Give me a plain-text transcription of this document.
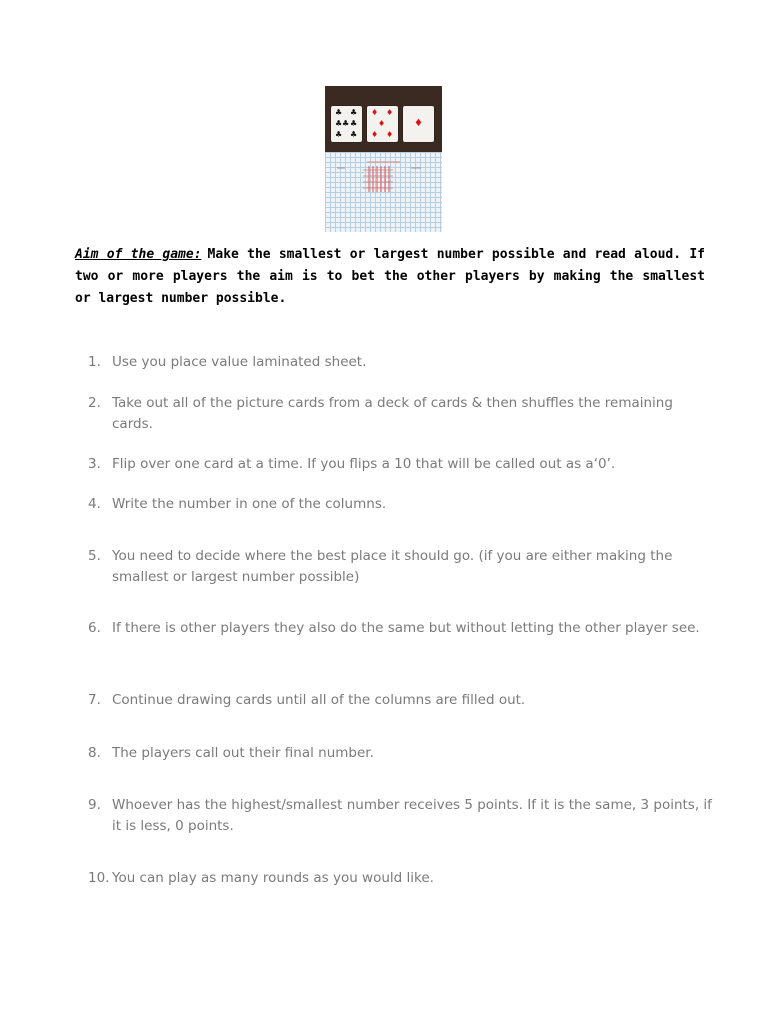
♣ ♣
♣ ♣ ♣
♣ ♣
♦ ♦
♦
♦ ♦
♦

Aim of the game: Make the smallest or largest number possible and read aloud. If two or more players the aim is to bet the other players by making the smallest or largest number possible.

1. Use you place value laminated sheet.
2. Take out all of the picture cards from a deck of cards & then shuffles the remaining cards.
3. Flip over one card at a time. If you flips a 10 that will be called out as a‘0’.
4. Write the number in one of the columns.
5. You need to decide where the best place it should go. (if you are either making the smallest or largest number possible)
6. If there is other players they also do the same but without letting the other player see.
7. Continue drawing cards until all of the columns are filled out.
8. The players call out their final number.
9. Whoever has the highest/smallest number receives 5 points. If it is the same, 3 points, if it is less, 0 points.
10. You can play as many rounds as you would like.
